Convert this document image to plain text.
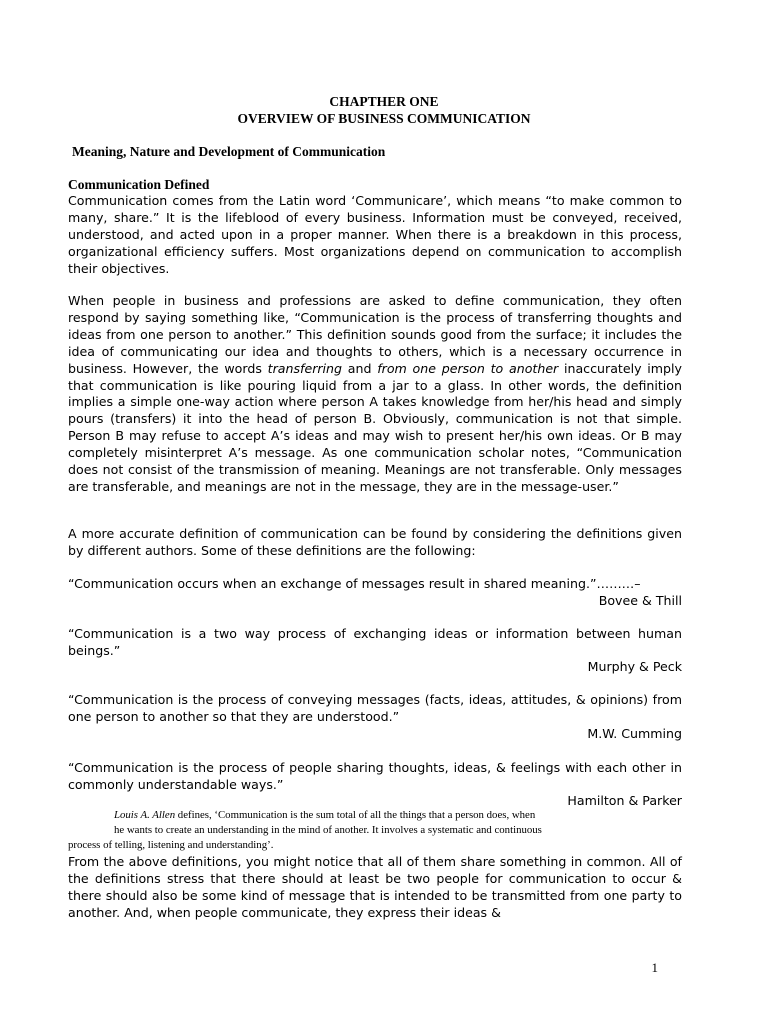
CHAPTHER ONE
OVERVIEW OF BUSINESS COMMUNICATION
Meaning, Nature and Development of Communication
Communication Defined
Communication comes from the Latin word ‘Communicare’, which means “to make common to many, share.” It is the lifeblood of every business. Information must be conveyed, received, understood, and acted upon in a proper manner. When there is a breakdown in this process, organizational efficiency suffers. Most organizations depend on communication to accomplish their objectives.
When people in business and professions are asked to define communication, they often respond by saying something like, “Communication is the process of transferring thoughts and ideas from one person to another.” This definition sounds good from the surface; it includes the idea of communicating our idea and thoughts to others, which is a necessary occurrence in business. However, the words transferring and from one person to another inaccurately imply that communication is like pouring liquid from a jar to a glass. In other words, the definition implies a simple one-way action where person A takes knowledge from her/his head and simply pours (transfers) it into the head of person B. Obviously, communication is not that simple. Person B may refuse to accept A’s ideas and may wish to present her/his own ideas. Or B may completely misinterpret A’s message. As one communication scholar notes, “Communication does not consist of the transmission of meaning. Meanings are not transferable. Only messages are transferable, and meanings are not in the message, they are in the message-user.”
A more accurate definition of communication can be found by considering the definitions given by different authors. Some of these definitions are the following:
“Communication occurs when an exchange of messages result in shared meaning.”………–
Bovee & Thill
“Communication is a two way process of exchanging ideas or information between human beings.”
Murphy & Peck
“Communication is the process of conveying messages (facts, ideas, attitudes, & opinions) from one person to another so that they are understood.”
M.W. Cumming
“Communication is the process of people sharing thoughts, ideas, & feelings with each other in commonly understandable ways.”
Hamilton & Parker
Louis A. Allen defines, ‘Communication is the sum total of all the things that a person does, when
he wants to create an understanding in the mind of another. It involves a systematic and continuous
process of telling, listening and understanding’.
From the above definitions, you might notice that all of them share something in common. All of the definitions stress that there should at least be two people for communication to occur & there should also be some kind of message that is intended to be transmitted from one party to another. And, when people communicate, they express their ideas &
1
